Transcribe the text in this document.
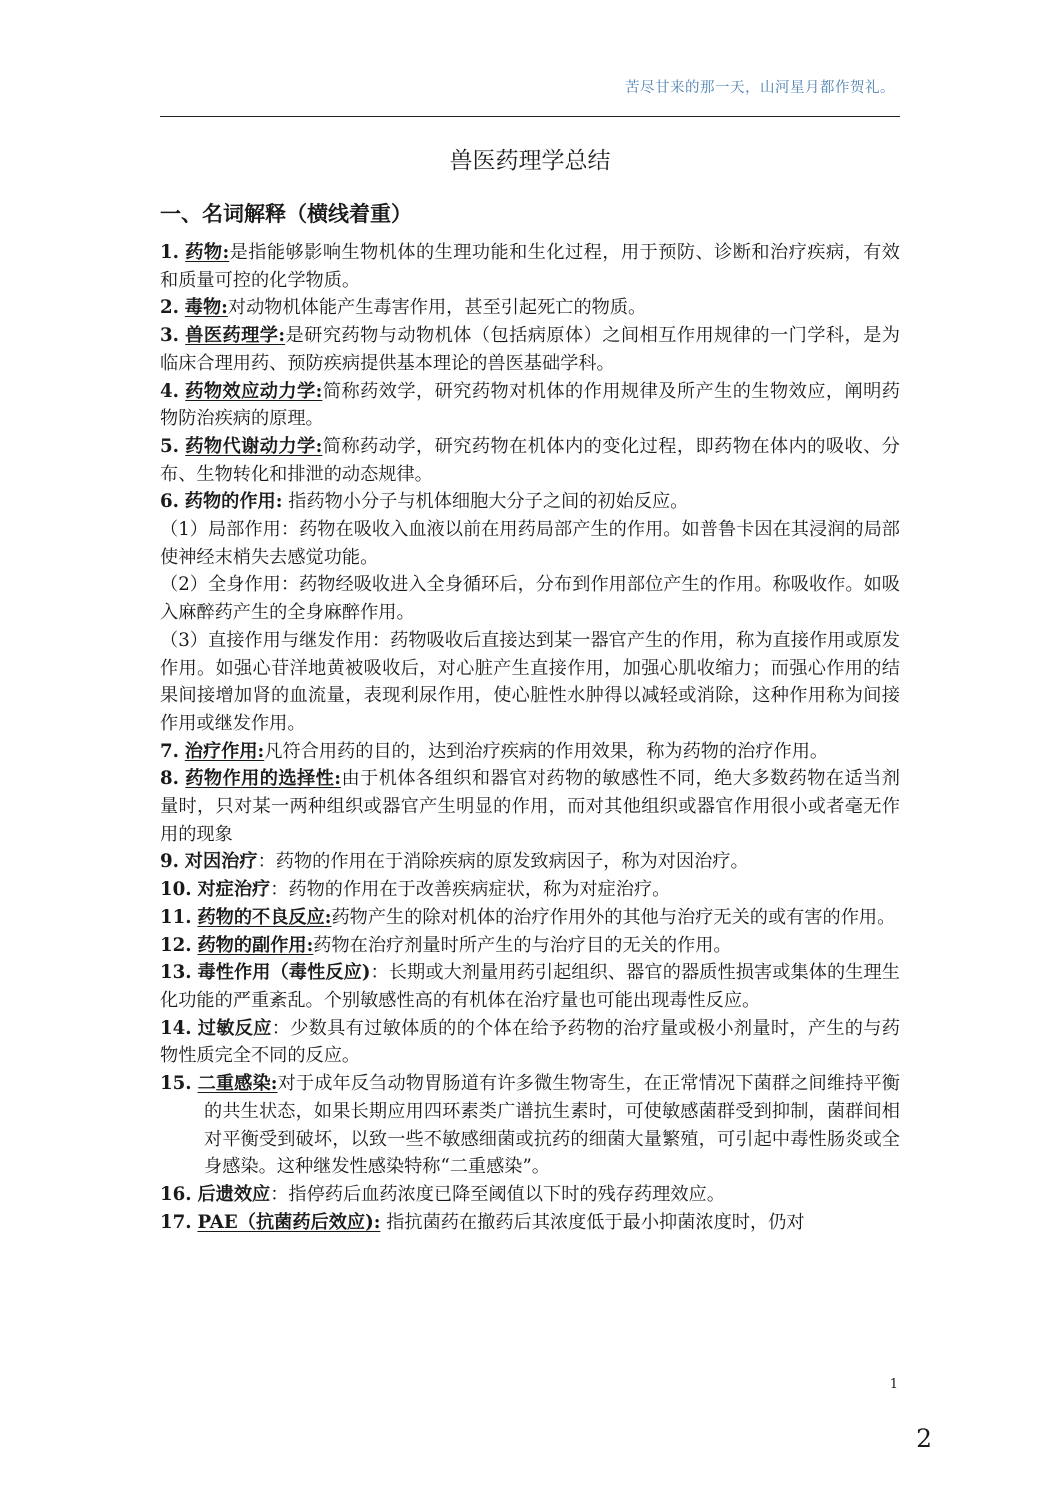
苦尽甘来的那一天，山河星月都作贺礼。
兽医药理学总结
一、名词解释（横线着重）

1. 药物:是指能够影响生物机体的生理功能和生化过程，用于预防、诊断和治疗疾病，有效和质量可控的化学物质。

2. 毒物:对动物机体能产生毒害作用，甚至引起死亡的物质。

3. 兽医药理学:是研究药物与动物机体（包括病原体）之间相互作用规律的一门学科，是为临床合理用药、预防疾病提供基本理论的兽医基础学科。

4. 药物效应动力学:简称药效学，研究药物对机体的作用规律及所产生的生物效应，阐明药物防治疾病的原理。

5. 药物代谢动力学:简称药动学，研究药物在机体内的变化过程，即药物在体内的吸收、分布、生物转化和排泄的动态规律。

6. 药物的作用: 指药物小分子与机体细胞大分子之间的初始反应。

（1）局部作用：药物在吸收入血液以前在用药局部产生的作用。如普鲁卡因在其浸润的局部使神经末梢失去感觉功能。

（2）全身作用：药物经吸收进入全身循环后，分布到作用部位产生的作用。称吸收作。如吸入麻醉药产生的全身麻醉作用。

（3）直接作用与继发作用：药物吸收后直接达到某一器官产生的作用，称为直接作用或原发作用。如强心苷洋地黄被吸收后，对心脏产生直接作用，加强心肌收缩力；而强心作用的结果间接增加肾的血流量，表现利尿作用，使心脏性水肿得以减轻或消除，这种作用称为间接作用或继发作用。

7. 治疗作用:凡符合用药的目的，达到治疗疾病的作用效果，称为药物的治疗作用。

8. 药物作用的选择性:由于机体各组织和器官对药物的敏感性不同，绝大多数药物在适当剂量时，只对某一两种组织或器官产生明显的作用，而对其他组织或器官作用很小或者毫无作用的现象

9. 对因治疗：药物的作用在于消除疾病的原发致病因子，称为对因治疗。

10. 对症治疗：药物的作用在于改善疾病症状，称为对症治疗。

11. 药物的不良反应:药物产生的除对机体的治疗作用外的其他与治疗无关的或有害的作用。

12. 药物的副作用:药物在治疗剂量时所产生的与治疗目的无关的作用。

13. 毒性作用（毒性反应)：长期或大剂量用药引起组织、器官的器质性损害或集体的生理生化功能的严重紊乱。个别敏感性高的有机体在治疗量也可能出现毒性反应。

14. 过敏反应：少数具有过敏体质的的个体在给予药物的治疗量或极小剂量时，产生的与药物性质完全不同的反应。

15. 二重感染:对于成年反刍动物胃肠道有许多微生物寄生，在正常情况下菌群之间维持平衡的共生状态，如果长期应用四环素类广谱抗生素时，可使敏感菌群受到抑制，菌群间相对平衡受到破坏，以致一些不敏感细菌或抗药的细菌大量繁殖，可引起中毒性肠炎或全身感染。这种继发性感染特称“二重感染”。

16. 后遗效应：指停药后血药浓度已降至阈值以下时的残存药理效应。

17. PAE（抗菌药后效应): 指抗菌药在撤药后其浓度低于最小抑菌浓度时，仍对

1
2
